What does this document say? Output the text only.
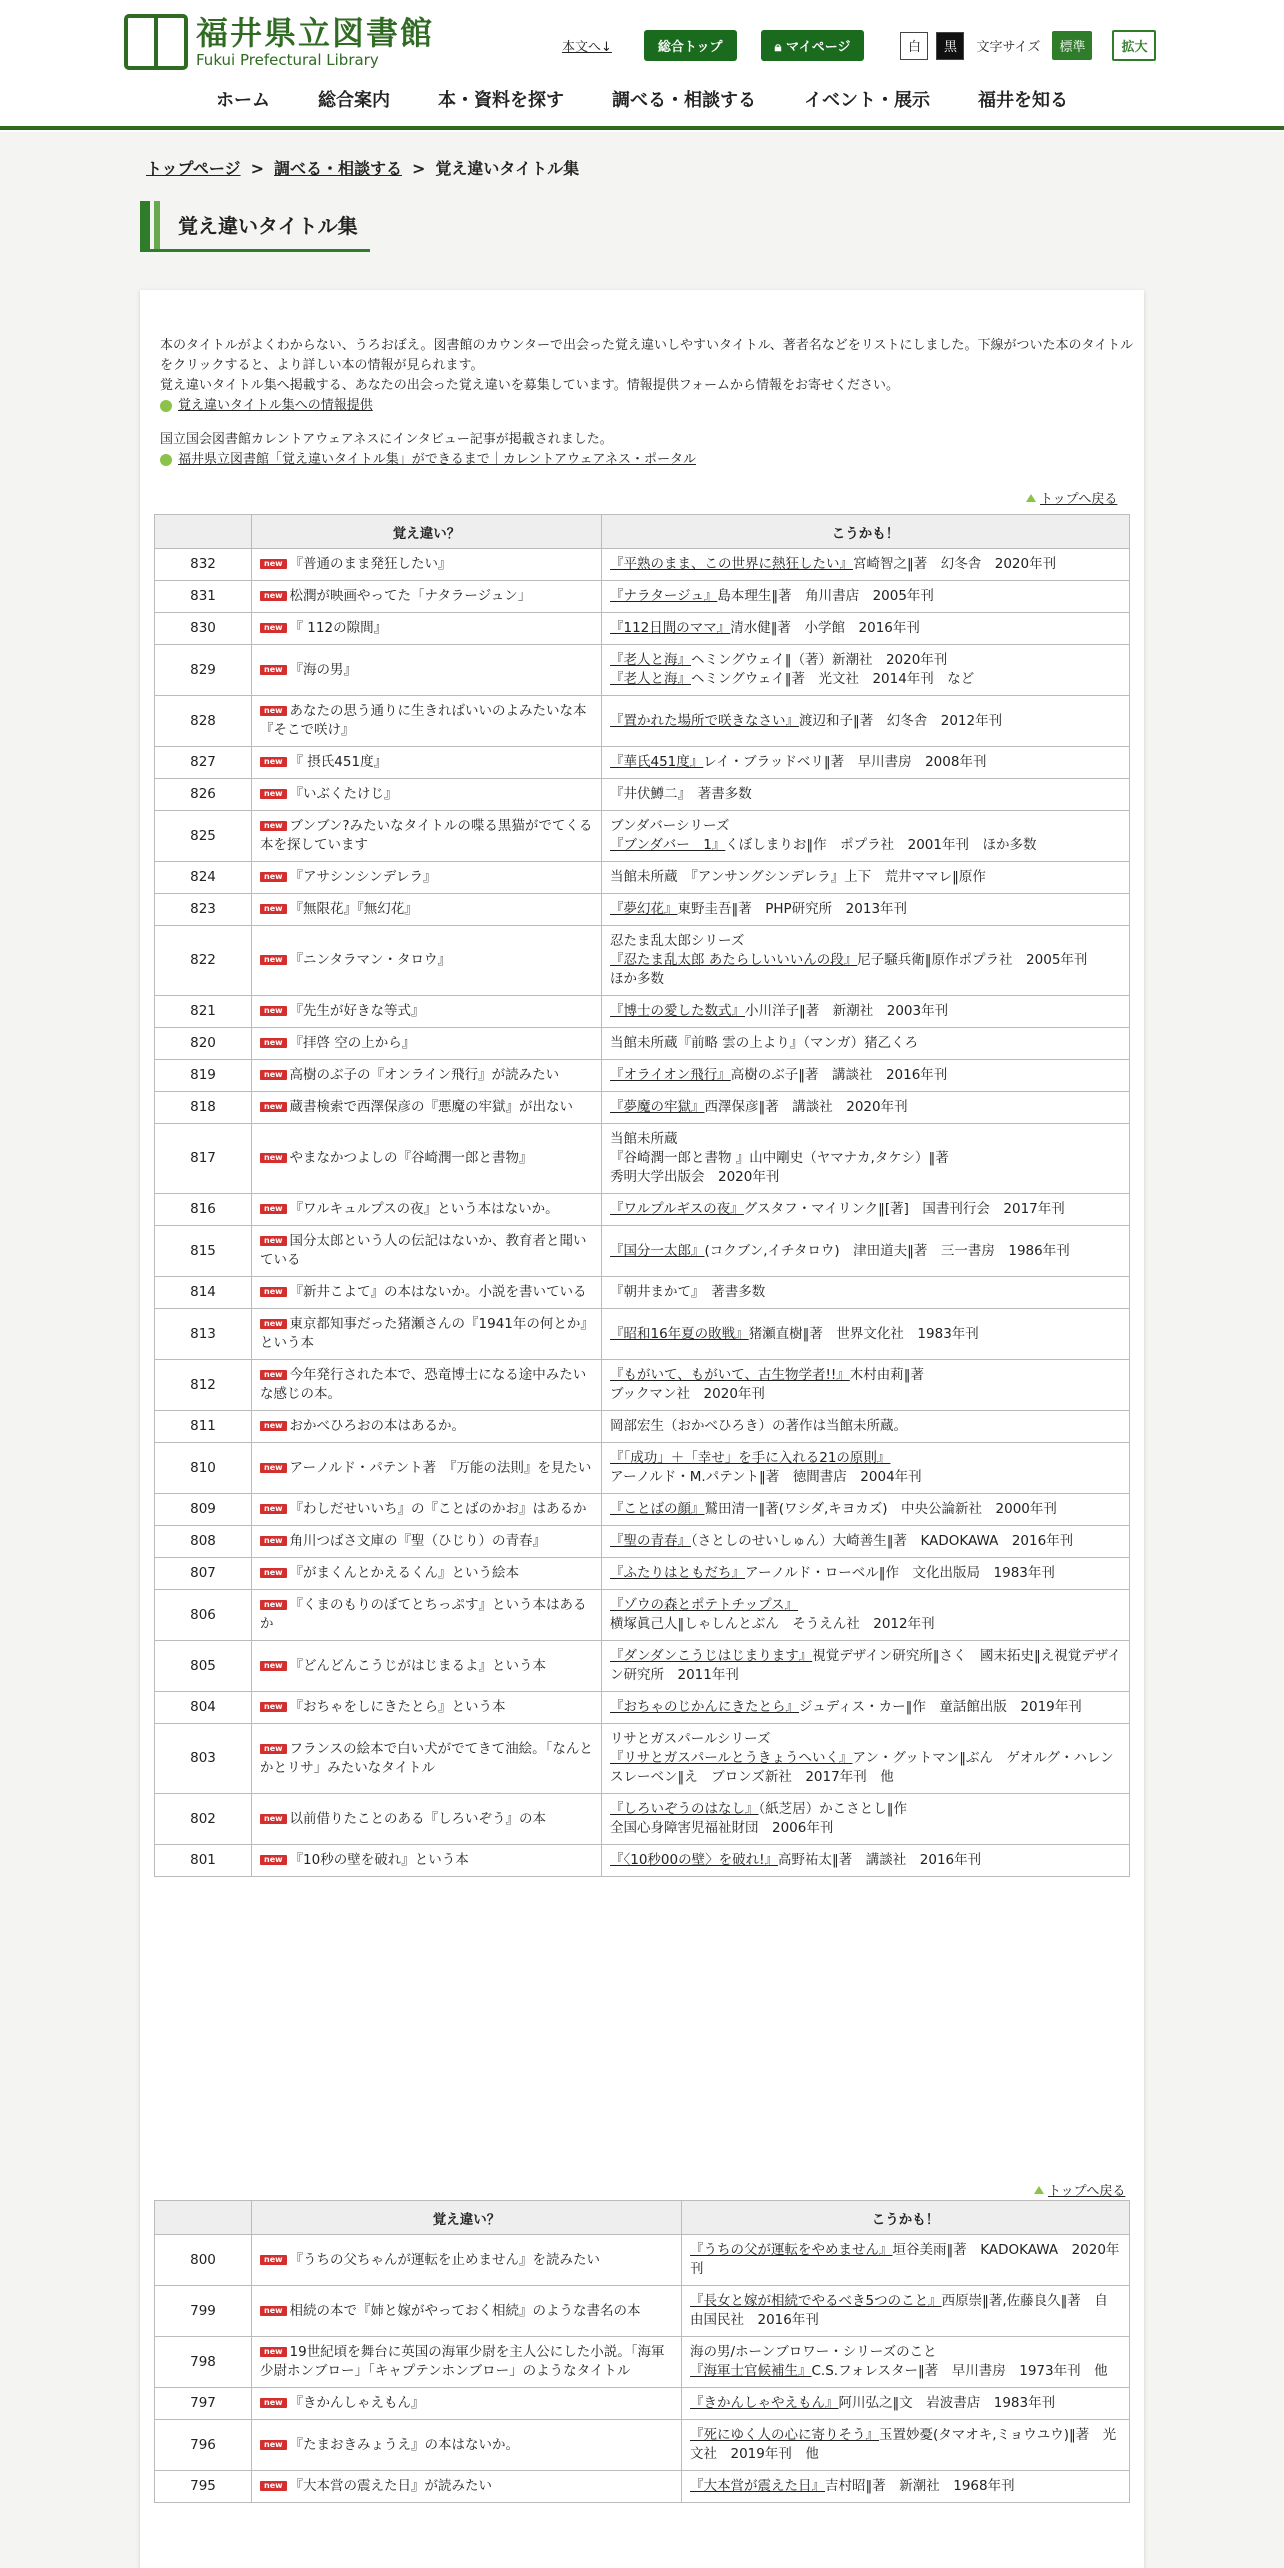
福井県立図書館
Fukui Prefectural Library
本文へ↓	総合トップ	🔒︎ マイページ	白	黒	文字サイズ	標準	拡大
ホーム	総合案内	本・資料を探す	調べる・相談する	イベント・展示	福井を知る
トップページ > 調べる・相談する > 覚え違いタイトル集
覚え違いタイトル集

本のタイトルがよくわからない、うろおぼえ。図書館のカウンターで出会った覚え違いしやすいタイトル、著者名などをリストにしました。下線がついた本のタイトルをクリックすると、より詳しい本の情報が見られます。

覚え違いタイトル集へ掲載する、あなたの出会った覚え違いを募集しています。情報提供フォームから情報をお寄せください。

覚え違いタイトル集への情報提供

国立国会図書館カレントアウェアネスにインタビュー記事が掲載されました。

福井県立図書館「覚え違いタイトル集」ができるまで｜カレントアウェアネス・ポータル
トップへ戻る
	覚え違い？	こうかも！
832	new 『普通のまま発狂したい』	『平熟のまま、この世界に熱狂したい』宮崎智之‖著　幻冬舎　2020年刊

831	new 松潤が映画やってた「ナタラージュン」	『ナラタージュ』島本理生‖著　角川書店　2005年刊

830	new 『 112の隙間』	『112日間のママ』清水健‖著　小学館　2016年刊

829	new 『海の男』	『老人と海』ヘミングウェイ‖（著）新潮社　2020年刊
『老人と海』ヘミングウェイ‖著　光文社　2014年刊　など

828	new あなたの思う通りに生きればいいのよみたいな本
『そこで咲け』	『置かれた場所で咲きなさい』渡辺和子‖著　幻冬舎　2012年刊

827	new 『 摂氏451度』	『華氏451度』レイ・ブラッドベリ‖著　早川書房　2008年刊

826	new 『いぶくたけじ』	『井伏鱒二』　著書多数

825	new ブンブン?みたいなタイトルの喋る黒猫がでてくる本を探しています	ブンダバーシリーズ
『ブンダバー　1』くぼしまりお‖作　ポプラ社　2001年刊　ほか多数

824	new 『アサシンシンデレラ』	当館未所蔵　『アンサングシンデレラ』上下　荒井ママレ‖原作

823	new 『無限花』『無幻花』	『夢幻花』東野圭吾‖著　PHP研究所　2013年刊

822	new 『ニンタラマン・タロウ』	忍たま乱太郎シリーズ
『忍たま乱太郎 あたらしいいいんの段』尼子騒兵衛‖原作ポプラ社　2005年刊
ほか多数

821	new 『先生が好きな等式』	『博士の愛した数式』小川洋子‖著　新潮社　2003年刊

820	new 『拝啓 空の上から』	当館未所蔵『前略 雲の上より』（マンガ）猪乙くろ

819	new 高樹のぶ子の『オンライン飛行』が読みたい	『オライオン飛行』高樹のぶ子‖著　講談社　2016年刊

818	new 蔵書検索で西澤保彦の『悪魔の牢獄』が出ない	『夢魔の牢獄』西澤保彦‖著　講談社　2020年刊

817	new やまなかつよしの『谷崎潤一郎と書物』	当館未所蔵
『谷崎潤一郎と書物 』山中剛史（ヤマナカ,タケシ）‖著
秀明大学出版会　2020年刊

816	new 『ワルキュルプスの夜』という本はないか。	『ワルプルギスの夜』グスタフ・マイリンク‖[著]　国書刊行会　2017年刊

815	new 国分太郎という人の伝記はないか、教育者と聞いている	『国分一太郎』(コクブン,イチタロウ)　津田道夫‖著　三一書房　1986年刊

814	new 『新井こよて』の本はないか。小説を書いている	『朝井まかて』　著書多数

813	new 東京都知事だった猪瀬さんの『1941年の何とか』という本	『昭和16年夏の敗戦』猪瀬直樹‖著　世界文化社　1983年刊

812	new 今年発行された本で、恐竜博士になる途中みたいな感じの本。	『もがいて、もがいて、古生物学者!!』木村由莉‖著
ブックマン社　2020年刊

811	new おかべひろおの本はあるか。	岡部宏生（おかべひろき）の著作は当館未所蔵。

810	new アーノルド・パテント著　『万能の法則』を見たい	『「成功」＋「幸せ」を手に入れる21の原則』
アーノルド・M.パテント‖著　徳間書店　2004年刊

809	new 『わしだせいいち』の『ことばのかお』はあるか	『ことばの顔』鷲田清一‖著(ワシダ,キヨカズ)　中央公論新社　2000年刊

808	new 角川つばさ文庫の『聖（ひじり）の青春』	『聖の青春』（さとしのせいしゅん）大崎善生‖著　KADOKAWA　2016年刊

807	new 『がまくんとかえるくん』という絵本	『ふたりはともだち』アーノルド・ローベル‖作　文化出版局　1983年刊

806	new 『くまのもりのぼてとちっぷす』という本はあるか	『ゾウの森とポテトチップス』
横塚眞己人‖しゃしんとぶん　そうえん社　2012年刊

805	new 『どんどんこうじがはじまるよ』という本	『ダンダンこうじはじまります』視覚デザイン研究所‖さく　國末拓史‖え視覚デザイン研究所　2011年刊

804	new 『おちゃをしにきたとら』という本	『おちゃのじかんにきたとら』ジュディス・カー‖作　童話館出版　2019年刊

803	new フランスの絵本で白い犬がでてきて油絵。「なんとかとリサ」みたいなタイトル	リサとガスパールシリーズ
『リサとガスパールとうきょうへいく』アン・グットマン‖ぶん　ゲオルグ・ハレンスレーベン‖え　ブロンズ新社　2017年刊　他

802	new 以前借りたことのある『しろいぞう』の本	『しろいぞうのはなし』（紙芝居）かこさとし‖作
全国心身障害児福祉財団　2006年刊

801	new 『10秒の壁を破れ』という本	『〈10秒00の壁〉を破れ!』高野祐太‖著　講談社　2016年刊
トップへ戻る
	覚え違い？	こうかも！
800	new 『うちの父ちゃんが運転を止めません』を読みたい	『うちの父が運転をやめません』垣谷美雨‖著　KADOKAWA　2020年刊

799	new 相続の本で『姉と嫁がやっておく相続』のような書名の本	『長女と嫁が相続でやるべき5つのこと』西原崇‖著,佐藤良久‖著　自由国民社　2016年刊

798	new 19世紀頃を舞台に英国の海軍少尉を主人公にした小説。「海軍少尉ホンブロー」「キャプテンホンブロー」のようなタイトル	海の男/ホーンブロワー・シリーズのこと
『海軍士官候補生』C.S.フォレスター‖著　早川書房　1973年刊　他

797	new 『きかんしゃえもん』	『きかんしゃやえもん』阿川弘之‖文　岩波書店　1983年刊

796	new 『たまおきみょうえ』の本はないか。	『死にゆく人の心に寄りそう』玉置妙憂(タマオキ,ミョウユウ)‖著　光文社　2019年刊　他

795	new 『大本営の震えた日』が読みたい	『大本営が震えた日』吉村昭‖著　新潮社　1968年刊
